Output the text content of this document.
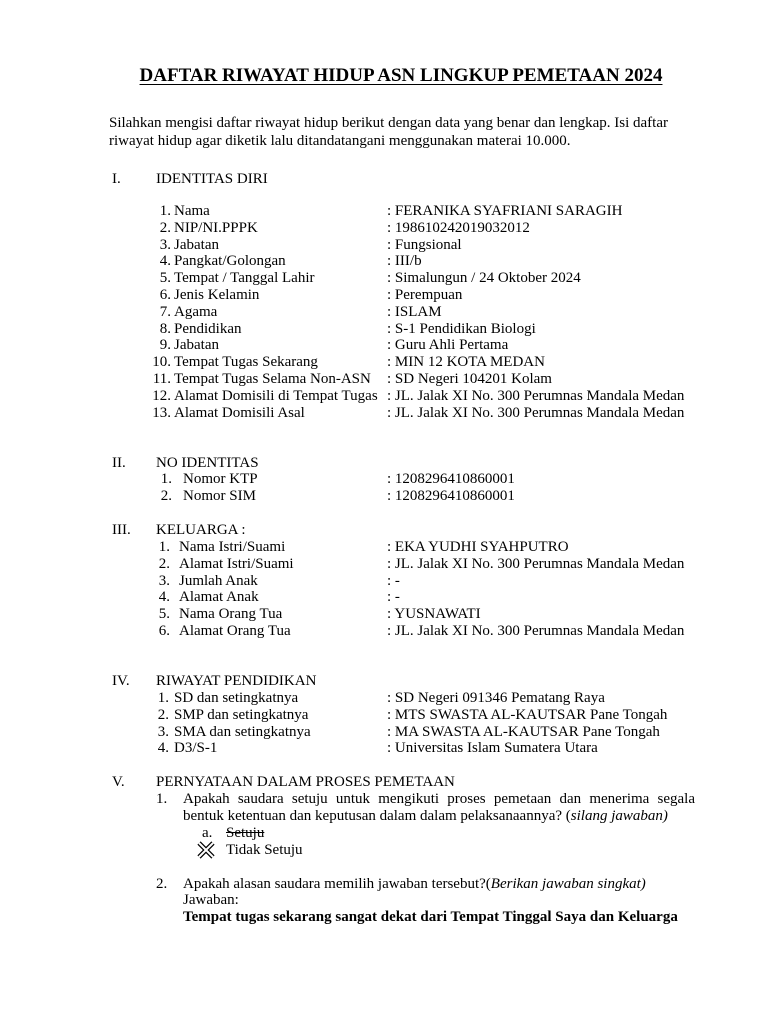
DAFTAR RIWAYAT HIDUP ASN LINGKUP PEMETAAN 2024
Silahkan mengisi daftar riwayat hidup berikut dengan data yang benar dan lengkap. Isi daftar
riwayat hidup agar diketik lalu ditandatangani menggunakan materai 10.000.
I. IDENTITAS DIRI
1. Nama	: FERANIKA SYAFRIANI SARAGIH
2. NIP/NI.PPPK	: 198610242019032012
3. Jabatan	: Fungsional
4. Pangkat/Golongan	: III/b
5. Tempat / Tanggal Lahir	: Simalungun / 24 Oktober 2024
6. Jenis Kelamin	: Perempuan
7. Agama	: ISLAM
8. Pendidikan	: S-1 Pendidikan Biologi
9. Jabatan	: Guru Ahli Pertama
10. Tempat Tugas Sekarang	: MIN 12 KOTA MEDAN
11. Tempat Tugas Selama Non-ASN : SD Negeri 104201 Kolam
12. Alamat Domisili di Tempat Tugas : JL. Jalak XI No. 300 Perumnas Mandala Medan
13. Alamat Domisili Asal	: JL. Jalak XI No. 300 Perumnas Mandala Medan
II. NO IDENTITAS
1. Nomor KTP	: 1208296410860001
2. Nomor SIM	: 1208296410860001
III. KELUARGA :
1. Nama Istri/Suami	: EKA YUDHI SYAHPUTRO
2. Alamat Istri/Suami	: JL. Jalak XI No. 300 Perumnas Mandala Medan
3. Jumlah Anak	: -
4. Alamat Anak	: -
5. Nama Orang Tua	: YUSNAWATI
6. Alamat Orang Tua	: JL. Jalak XI No. 300 Perumnas Mandala Medan
IV. RIWAYAT PENDIDIKAN
1. SD dan setingkatnya	: SD Negeri 091346 Pematang Raya
2. SMP dan setingkatnya	: MTS SWASTA AL-KAUTSAR Pane Tongah
3. SMA dan setingkatnya	: MA SWASTA AL-KAUTSAR Pane Tongah
4. D3/S-1	: Universitas Islam Sumatera Utara
V. PERNYATAAN DALAM PROSES PEMETAAN
1. Apakah saudara setuju untuk mengikuti proses pemetaan dan menerima segala bentuk ketentuan dan keputusan dalam dalam pelaksanaannya? (silang jawaban)
a. Setuju
Tidak Setuju
2. Apakah alasan saudara memilih jawaban tersebut?(Berikan jawaban singkat)
Jawaban:
Tempat tugas sekarang sangat dekat dari Tempat Tinggal Saya dan Keluarga
